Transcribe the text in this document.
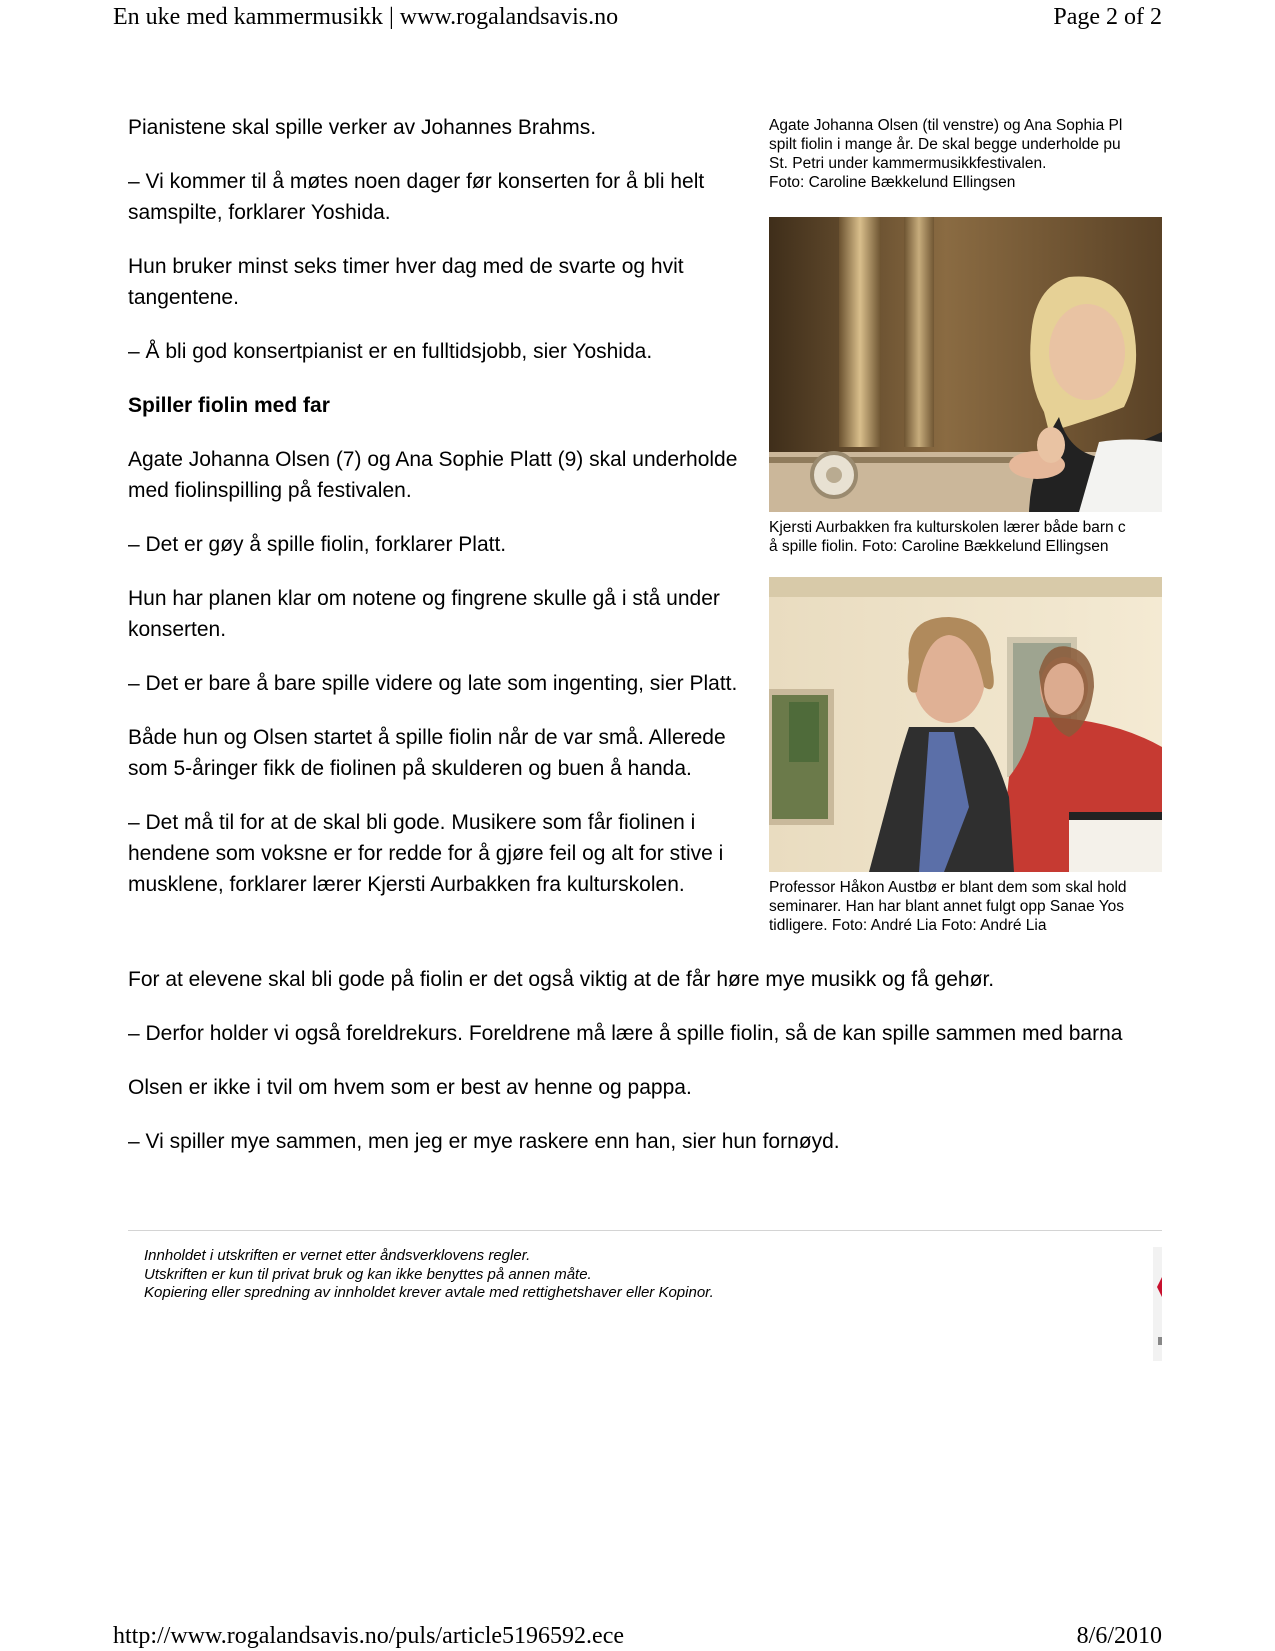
En uke med kammermusikk | www.rogalandsavis.no	Page 2 of 2

Pianistene skal spille verker av Johannes Brahms.

– Vi kommer til å møtes noen dager før konserten for å bli helt samspilte, forklarer Yoshida.

Hun bruker minst seks timer hver dag med de svarte og hvit tangentene.

– Å bli god konsertpianist er en fulltidsjobb, sier Yoshida.

Spiller fiolin med far

Agate Johanna Olsen (7) og Ana Sophie Platt (9) skal underholde med fiolinspilling på festivalen.

– Det er gøy å spille fiolin, forklarer Platt.

Hun har planen klar om notene og fingrene skulle gå i stå under konserten.

– Det er bare å bare spille videre og late som ingenting, sier Platt.

Både hun og Olsen startet å spille fiolin når de var små. Allerede som 5-åringer fikk de fiolinen på skulderen og buen å handa.

– Det må til for at de skal bli gode. Musikere som får fiolinen i hendene som voksne er for redde for å gjøre feil og alt for stive i musklene, forklarer lærer Kjersti Aurbakken fra kulturskolen.

For at elevene skal bli gode på fiolin er det også viktig at de får høre mye musikk og få gehør.

– Derfor holder vi også foreldrekurs. Foreldrene må lære å spille fiolin, så de kan spille sammen med barna

Olsen er ikke i tvil om hvem som er best av henne og pappa.

– Vi spiller mye sammen, men jeg er mye raskere enn han, sier hun fornøyd.

Agate Johanna Olsen (til venstre) og Ana Sophia Pl
spilt fiolin i mange år. De skal begge underholde pu
St. Petri under kammermusikkfestivalen.
Foto: Caroline Bækkelund Ellingsen
Kjersti Aurbakken fra kulturskolen lærer både barn c
å spille fiolin. Foto: Caroline Bækkelund Ellingsen
Professor Håkon Austbø er blant dem som skal hold
seminarer. Han har blant annet fulgt opp Sanae Yos
tidligere. Foto: André Lia Foto: André Lia
Innholdet i utskriften er vernet etter åndsverklovens regler.
Utskriften er kun til privat bruk og kan ikke benyttes på annen måte.
Kopiering eller spredning av innholdet krever avtale med rettighetshaver eller Kopinor.
http://www.rogalandsavis.no/puls/article5196592.ece	8/6/2010
